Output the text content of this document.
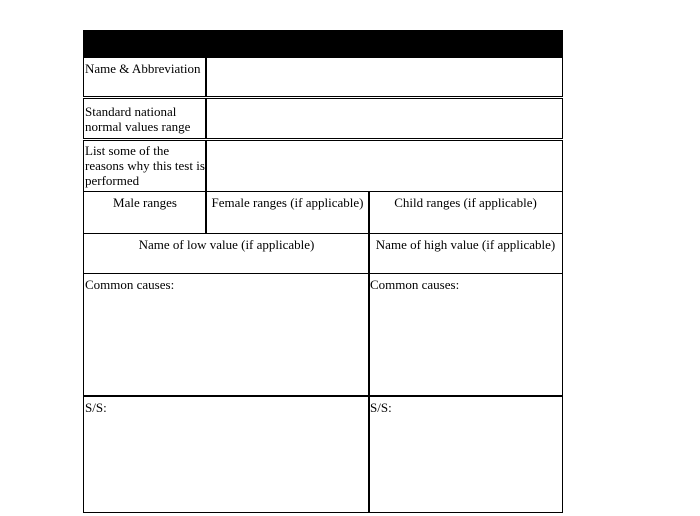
Name & Abbreviation
Standard national normal values range
List some of the reasons why this test is performed
Male ranges	Female ranges (if applicable)	Child ranges (if applicable)
Name of low value (if applicable)	Name of high value (if applicable)
Common causes:	Common causes:
S/S:	S/S:
